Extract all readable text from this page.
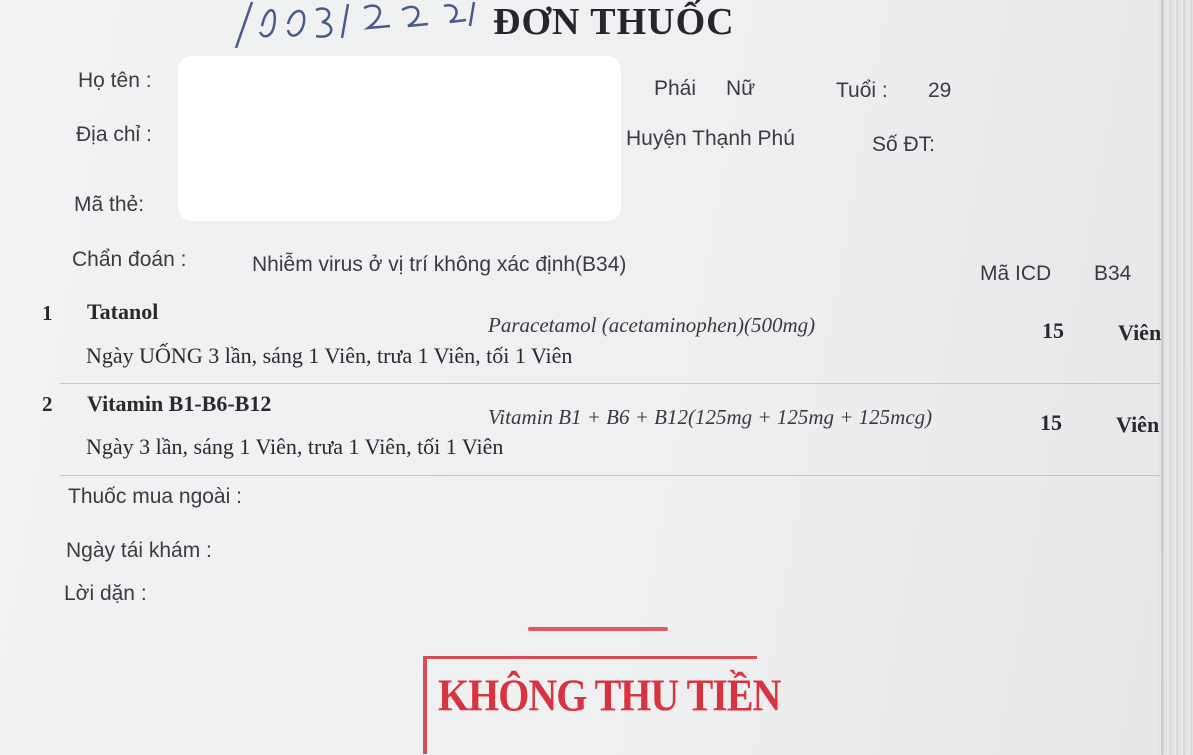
ĐƠN THUỐC
Họ tên :	Phái Nữ	Tuổi : 29
Địa chỉ :	Huyện Thạnh Phú	Số ĐT:
Mã thẻ:
Chẩn đoán :	Nhiễm virus ở vị trí không xác định(B34)	Mã ICD B34
1 Tatanol
Paracetamol (acetaminophen)(500mg)	15 Viên
Ngày UỐNG 3 lần, sáng 1 Viên, trưa 1 Viên, tối 1 Viên
2 Vitamin B1-B6-B12
Vitamin B1 + B6 + B12(125mg + 125mg + 125mcg)	15 Viên
Ngày 3 lần, sáng 1 Viên, trưa 1 Viên, tối 1 Viên
Thuốc mua ngoài :
Ngày tái khám :
Lời dặn :
KHÔNG THU TIỀN
